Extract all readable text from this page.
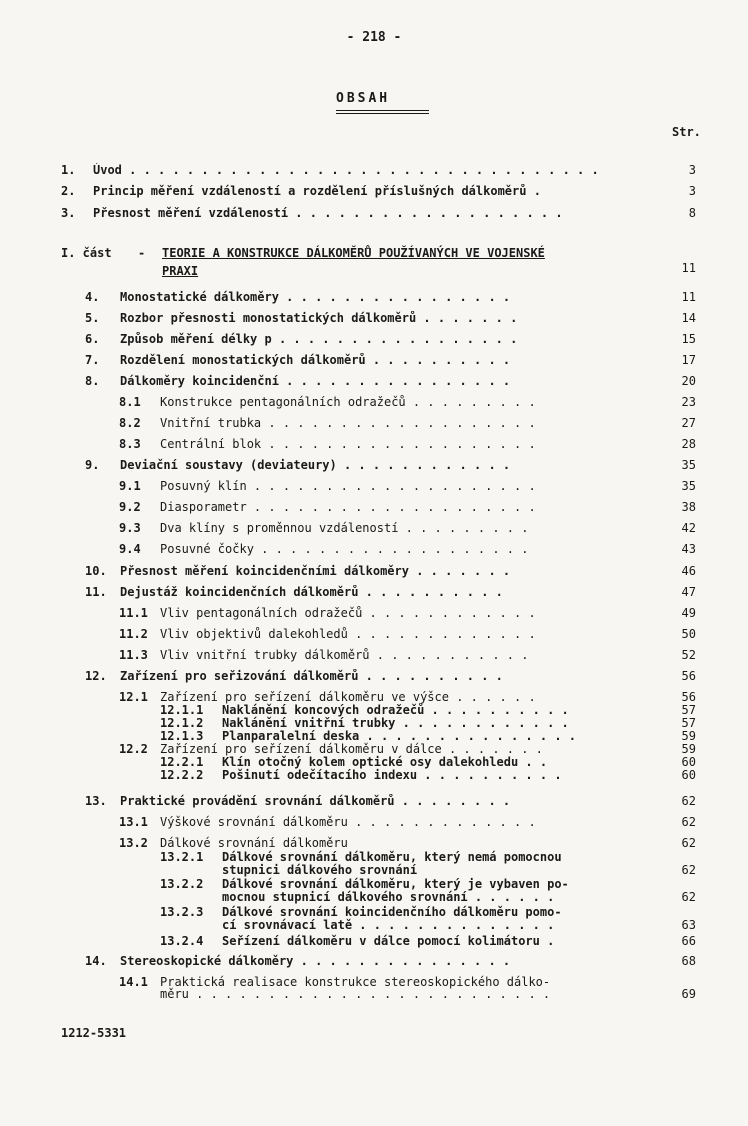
- 218 -
OBSAH
Str.
1. Úvod . . . . . . . . . . . . . . . . . . . . . . . . . . . . . . . . .	3
2. Princip měření vzdáleností a rozdělení příslušných dálkoměrů .	3
3. Přesnost měření vzdáleností . . . . . . . . . . . . . . . . . . .	8
I. část - TEORIE A KONSTRUKCE DÁLKOMĚRŮ POUŽÍVANÝCH VE VOJENSKÉ
PRAXI	11
4. Monostatické dálkoměry . . . . . . . . . . . . . . . .	11
5. Rozbor přesnosti monostatických dálkoměrů . . . . . . .	14
6. Způsob měření délky p . . . . . . . . . . . . . . . . .	15
7. Rozdělení monostatických dálkoměrů . . . . . . . . . .	17
8. Dálkoměry koincidenční . . . . . . . . . . . . . . . .	20
8.1 Konstrukce pentagonálních odražečů . . . . . . . . .	23
8.2 Vnitřní trubka . . . . . . . . . . . . . . . . . . .	27
8.3 Centrální blok . . . . . . . . . . . . . . . . . . .	28
9. Deviační soustavy (deviateury) . . . . . . . . . . . .	35
9.1 Posuvný klín . . . . . . . . . . . . . . . . . . . .	35
9.2 Diasporametr . . . . . . . . . . . . . . . . . . . .	38
9.3 Dva klíny s proměnnou vzdáleností . . . . . . . . .	42
9.4 Posuvné čočky . . . . . . . . . . . . . . . . . . .	43
10. Přesnost měření koincidenčními dálkoměry . . . . . . .	46
11. Dejustáž koincidenčních dálkoměrů . . . . . . . . . .	47
11.1 Vliv pentagonálních odražečů . . . . . . . . . . . .	49
11.2 Vliv objektivů dalekohledů . . . . . . . . . . . . .	50
11.3 Vliv vnitřní trubky dálkoměrů . . . . . . . . . . .	52
12. Zařízení pro seřizování dálkoměrů . . . . . . . . . .	56
12.1 Zařízení pro seřízení dálkoměru ve výšce . . . . . .	56
12.1.1 Naklánění koncových odražečů . . . . . . . . . .	57
12.1.2 Naklánění vnitřní trubky . . . . . . . . . . . .	57
12.1.3 Planparalelní deska . . . . . . . . . . . . . . .	59
12.2 Zařízení pro seřízení dálkoměru v dálce . . . . . . .	59
12.2.1 Klín otočný kolem optické osy dalekohledu . .	60
12.2.2 Pošinutí odečítacího indexu . . . . . . . . . .	60
13. Praktické provádění srovnání dálkoměrů . . . . . . . .	62
13.1 Výškové srovnání dálkoměru . . . . . . . . . . . . .	62
13.2 Dálkové srovnání dálkoměru	62
13.2.1 Dálkové srovnání dálkoměru, který nemá pomocnou
stupnici dálkového srovnání	62
13.2.2 Dálkové srovnání dálkoměru, který je vybaven po-
mocnou stupnicí dálkového srovnání . . . . . .	62
13.2.3 Dálkové srovnání koincidenčního dálkoměru pomo-
cí srovnávací latě . . . . . . . . . . . . . .	63
13.2.4 Seřízení dálkoměru v dálce pomocí kolimátoru .	66
14. Stereoskopické dálkoměry . . . . . . . . . . . . . . .	68
14.1 Praktická realisace konstrukce stereoskopického dálko-
měru . . . . . . . . . . . . . . . . . . . . . . . . .	69
1212-5331
